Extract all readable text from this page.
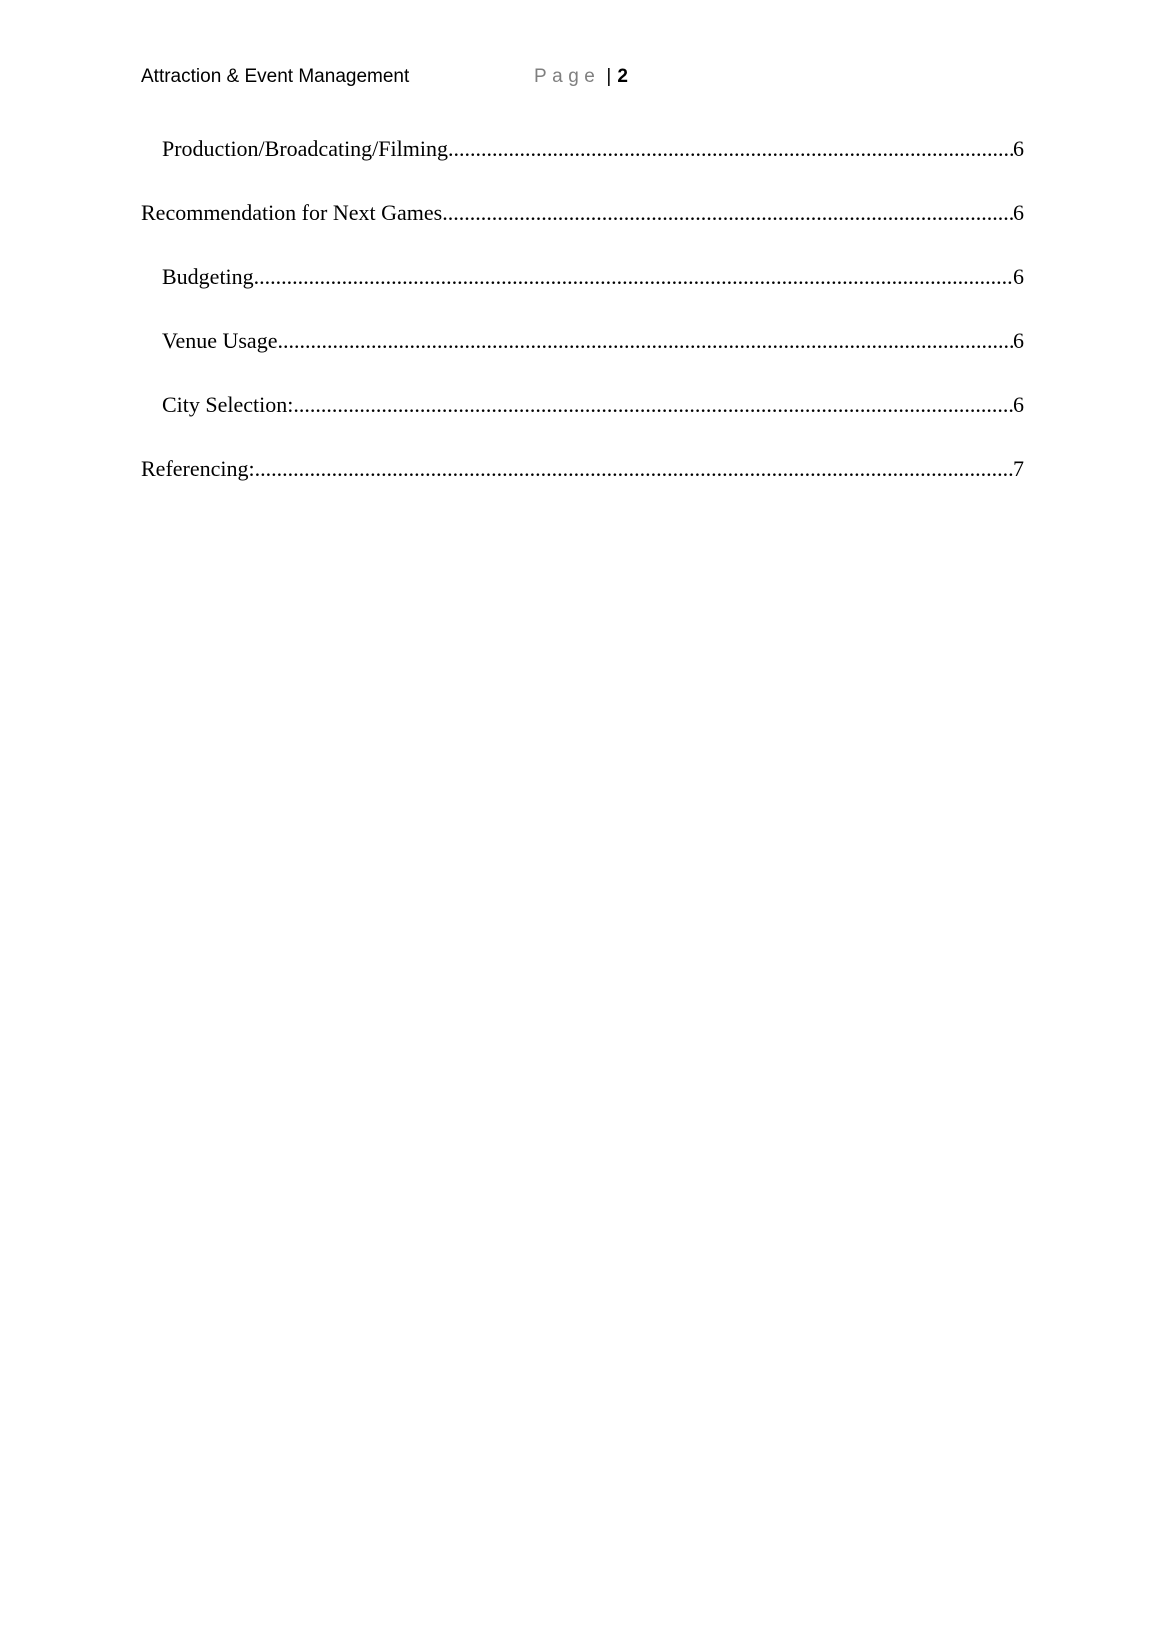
Attraction & Event Management	Page | 2
Production/Broadcating/Filming .....	6
Recommendation for Next Games .....	6
Budgeting .....	6
Venue Usage .....	6
City Selection: .....	6
Referencing: .....	7
